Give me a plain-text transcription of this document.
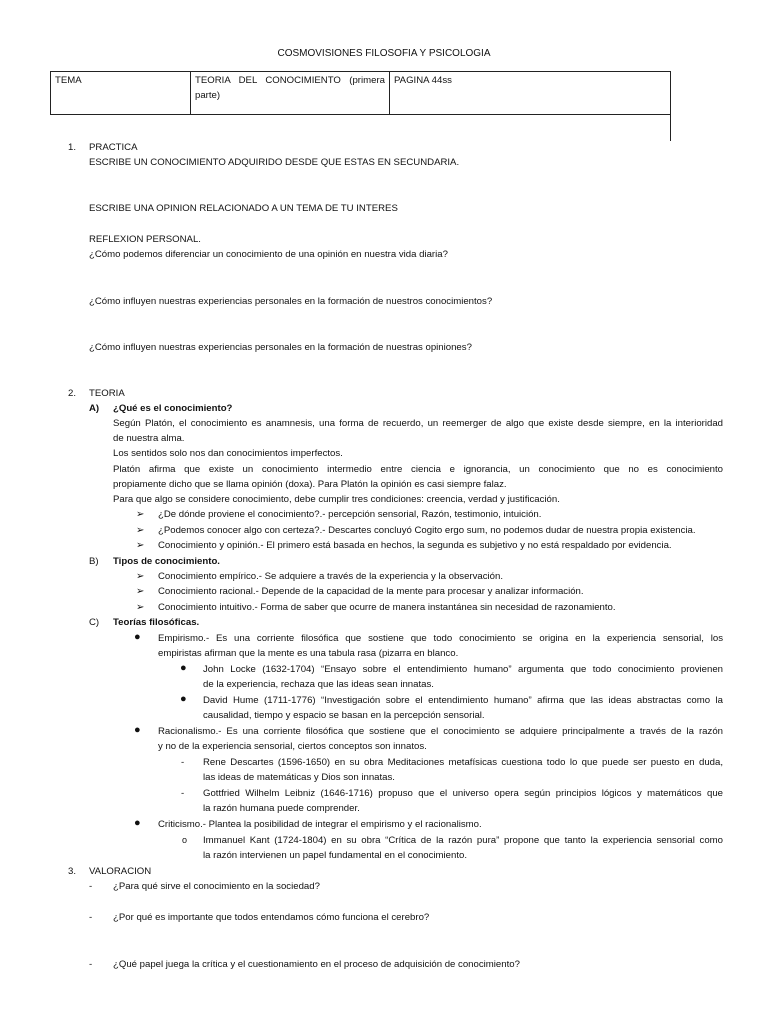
COSMOVISIONES FILOSOFIA Y PSICOLOGIA
TEMA	TEORIA DEL CONOCIMIENTO (primera
parte)
	PAGINA 44ss
1. PRACTICA
ESCRIBE UN CONOCIMIENTO ADQUIRIDO DESDE QUE ESTAS EN SECUNDARIA.
ESCRIBE UNA OPINION RELACIONADO A UN TEMA DE TU INTERES
REFLEXION PERSONAL.
¿Cómo podemos diferenciar un conocimiento de una opinión en nuestra vida diaria?
¿Cómo influyen nuestras experiencias personales en la formación de nuestros conocimientos?
¿Cómo influyen nuestras experiencias personales en la formación de nuestras opiniones?
2. TEORIA
A) ¿Qué es el conocimiento?
Según Platón, el conocimiento es anamnesis, una forma de recuerdo, un reemerger de algo que existe desde siempre, en la interioridad
de nuestra alma.
Los sentidos solo nos dan conocimientos imperfectos.
Platón afirma que existe un conocimiento intermedio entre ciencia e ignorancia, un conocimiento que no es conocimiento
propiamente dicho que se llama opinión (doxa). Para Platón la opinión es casi siempre falaz.
Para que algo se considere conocimiento, debe cumplir tres condiciones: creencia, verdad y justificación.
➢ ¿De dónde proviene el conocimiento?.- percepción sensorial, Razón, testimonio, intuición.
➢ ¿Podemos conocer algo con certeza?.- Descartes concluyó Cogito ergo sum, no podemos dudar de nuestra propia existencia.
➢ Conocimiento y opinión.- El primero está basada en hechos, la segunda es subjetivo y no está respaldado por evidencia.
B) Tipos de conocimiento.
➢ Conocimiento empírico.- Se adquiere a través de la experiencia y la observación.
➢ Conocimiento racional.- Depende de la capacidad de la mente para procesar y analizar información.
➢ Conocimiento intuitivo.- Forma de saber que ocurre de manera instantánea sin necesidad de razonamiento.
C) Teorías filosóficas.
● Empirismo.- Es una corriente filosófica que sostiene que todo conocimiento se origina en la experiencia sensorial, los
empiristas afirman que la mente es una tabula rasa (pizarra en blanco.
● John Locke (1632-1704) “Ensayo sobre el entendimiento humano” argumenta que todo conocimiento provienen
de la experiencia, rechaza que las ideas sean innatas.
● David Hume (1711-1776) “Investigación sobre el entendimiento humano” afirma que las ideas abstractas como la
causalidad, tiempo y espacio se basan en la percepción sensorial.
● Racionalismo.- Es una corriente filosófica que sostiene que el conocimiento se adquiere principalmente a través de la razón
y no de la experiencia sensorial, ciertos conceptos son innatos.
- Rene Descartes (1596-1650) en su obra Meditaciones metafísicas cuestiona todo lo que puede ser puesto en duda,
las ideas de matemáticas y Dios son innatas.
- Gottfried Wilhelm Leibniz (1646-1716) propuso que el universo opera según principios lógicos y matemáticos que
la razón humana puede comprender.
● Criticismo.- Plantea la posibilidad de integrar el empirismo y el racionalismo.
o Immanuel Kant (1724-1804) en su obra “Crítica de la razón pura” propone que tanto la experiencia sensorial como
la razón intervienen un papel fundamental en el conocimiento.
3. VALORACION
- ¿Para qué sirve el conocimiento en la sociedad?
- ¿Por qué es importante que todos entendamos cómo funciona el cerebro?
- ¿Qué papel juega la crítica y el cuestionamiento en el proceso de adquisición de conocimiento?
